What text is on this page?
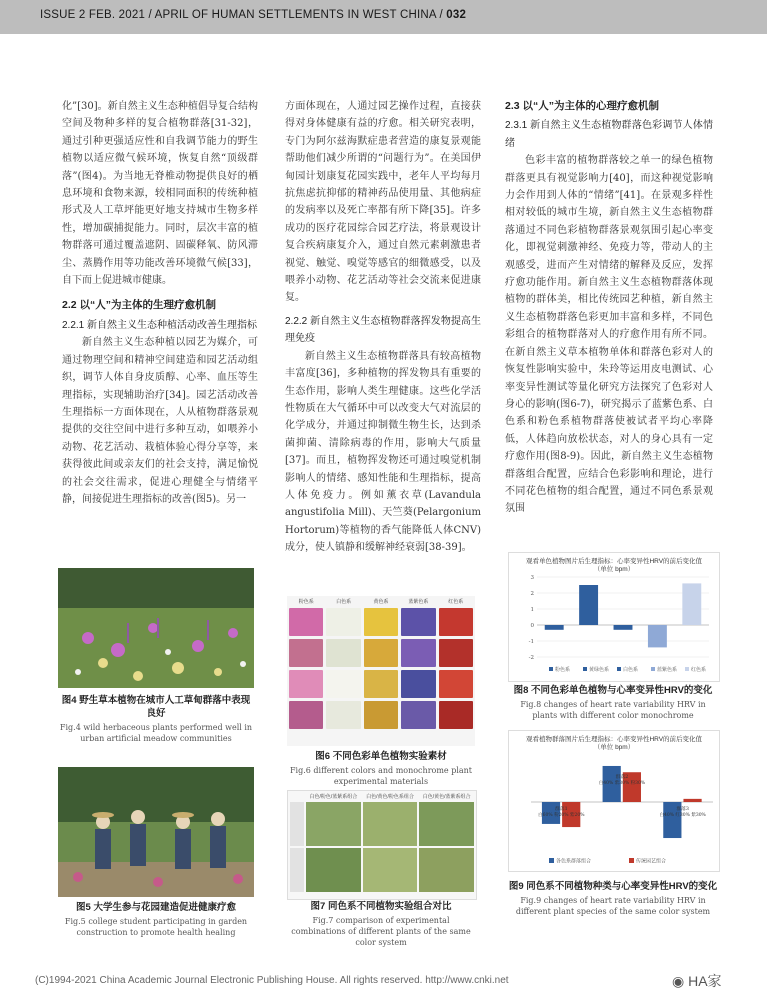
ISSUE 2 FEB. 2021 / APRIL OF HUMAN SETTLEMENTS IN WEST CHINA / 032

化”[30]。新自然主义生态种植倡导复合结构空间及物种多样的复合植物群落[31-32]，通过引种更强适应性和自我调节能力的野生植物以适应微气候环境，恢复自然“顶级群落”(图4)。为当地无脊椎动物提供良好的栖息环境和食物来源，较相同面积的传统种植形式及人工草坪能更好地支持城市生物多样性，增加碳捕捉能力。同时，层次丰富的植物群落可通过覆盖遮阴、固碳释氧、防风滞尘、蒸腾作用等功能改善环境微气候[33]，自下而上促进城市健康。

2.2 以“人”为主体的生理疗愈机制
2.2.1 新自然主义生态种植活动改善生理指标

新自然主义生态种植以园艺为媒介，可通过物理空间和精神空间建造和园艺活动组织，调节人体自身皮质醇、心率、血压等生理指标，实现辅助治疗[34]。园艺活动改善生理指标一方面体现在，人从植物群落景观提供的交往空间中进行多种互动，如喂养小动物、花艺活动、栽植体验心得分享等，来获得彼此间或亲友们的社会支持，满足愉悦的社会交往需求，促进心理健全与情绪平静，间接促进生理指标的改善(图5)。另一

方面体现在，人通过园艺操作过程，直接获得对身体健康有益的疗愈。相关研究表明，专门为阿尔兹海默症患者营造的康复景观能帮助他们减少所谓的“问题行为”。在美国伊甸园计划康复花园实践中，老年人平均每月抗焦虑抗抑郁的精神药品使用量、其他病症的发病率以及死亡率都有所下降[35]。许多成功的医疗花园综合园艺疗法，将景观设计复合疾病康复介入，通过自然元素刺激患者视觉、触觉、嗅觉等感官的细微感受，以及喂养小动物、花艺活动等社会交流来促进康复。

2.2.2 新自然主义生态植物群落挥发物提高生理免疫

新自然主义生态植物群落具有较高植物丰富度[36]，多种植物的挥发物具有重要的生态作用，影响人类生理健康。这些化学活性物质在大气循环中可以改变大气对流层的化学成分，并通过抑制微生物生长，达到杀菌抑菌、清除病毒的作用，影响大气质量[37]。而且，植物挥发物还可通过嗅觉机制影响人的情绪、感知性能和生理指标，提高人体免疫力。例如薰衣草(Lavandula angustifolia Mill)、天竺葵(Pelargonium Hortorum)等植物的香气能降低人体CNV)成分，使人镇静和缓解神经衰弱[38-39]。

2.3 以“人”为主体的心理疗愈机制
2.3.1 新自然主义生态植物群落色彩调节人体情绪

色彩丰富的植物群落较之单一的绿色植物群落更具有视觉影响力[40]，而这种视觉影响力会作用到人体的“情绪”[41]。在景观多样性相对较低的城市生境，新自然主义生态植物群落通过不同色彩植物群落景观氛围引起心率变化，即视觉刺激神经、免疫力等，带动人的主观感受，进而产生对情绪的解释及反应，发挥疗愈功能作用。新自然主义生态植物群落体现植物的群体美，相比传统园艺种植，新自然主义生态植物群落色彩更加丰富和多样，不同色彩组合的植物群落对人的疗愈作用有所不同。在新自然主义草本植物单体和群落色彩对人的恢复性影响实验中，朱玲等运用皮电测试、心率变异性测试等量化研究方法探究了色彩对人身心的影响(图6-7)，研究揭示了蓝紫色系、白色系和粉色系植物群落使被试者平均心率降低，人体趋向放松状态，对人的身心具有一定疗愈作用(图8-9)。因此，新自然主义生态植物群落组合配置，应结合色彩影响和理论，进行不同花色植物的组合配置，通过不同色系景观氛围

图4 野生草本植物在城市人工草甸群落中表现良好
Fig.4 wild herbaceous plants performed well in urban artificial meadow communities
图5 大学生参与花园建造促进健康疗愈
Fig.5 college student participating in garden construction to promote health healing
粉色系	白色系	黄色系	蓝紫色系	红色系
图6 不同色彩单色植物实验素材
Fig.6 different colors and monochrome plant experimental materials
白色/粉色/蓝紫系组合	白色/黄色/粉色系组合	白色/黄色/蓝紫系组合
图7 同色系不同植物实验组合对比
Fig.7 comparison of experimental combinations of different plants of the same color system
观看单色植物图片后生理指标：心率变异性HRV的前后变化值
（单位 bpm）
-2
-1
0
1
2
3
粉色系	黄绿色系	白色系	蓝紫色系	红色系
图8 不同色彩单色植物与心率变异性HRV的变化
Fig.8 changes of heart rate variability HRV in plants with different color monochrome
观看植物群落图片后生理指标：心率变异性HRV的前后变化值
（单位 bpm）
群落1
白60% 粉20% 紫20%
群落2
白40% 紫30% 粉30%
群落3
白40% 红30% 紫30%
各色系群落组合	传统园艺组合
图9 同色系不同植物种类与心率变异性HRV的变化
Fig.9 changes of heart rate variability HRV in different plant species of the same color system
(C)1994-2021 China Academic Journal Electronic Publishing House. All rights reserved. http://www.cnki.net	◉ HA家
